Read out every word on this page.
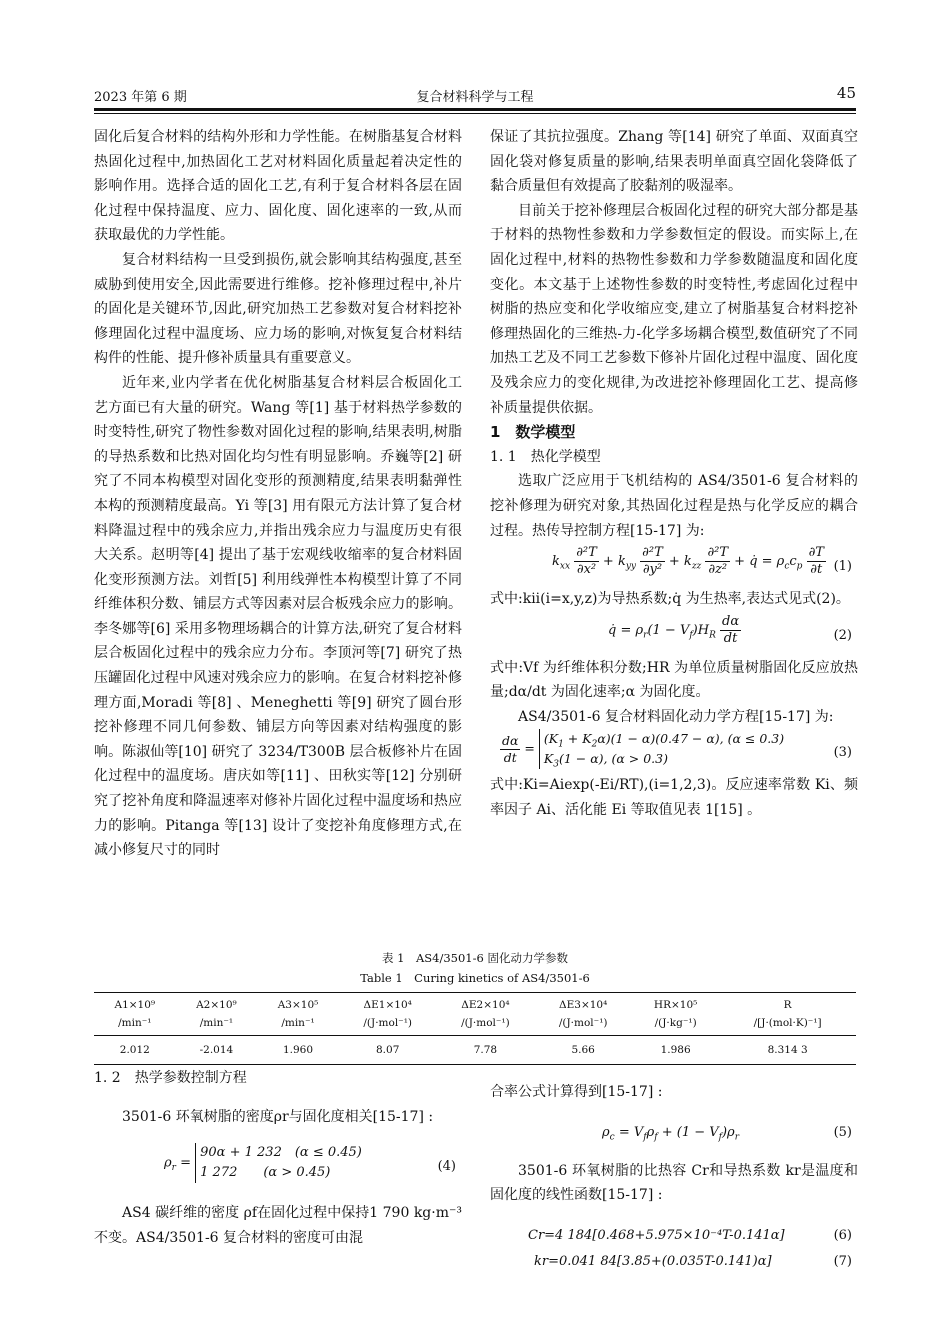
2023 年第 6 期	复合材料科学与工程	45

固化后复合材料的结构外形和力学性能。在树脂基复合材料热固化过程中,加热固化工艺对材料固化质量起着决定性的影响作用。选择合适的固化工艺,有利于复合材料各层在固化过程中保持温度、应力、固化度、固化速率的一致,从而获取最优的力学性能。

复合材料结构一旦受到损伤,就会影响其结构强度,甚至威胁到使用安全,因此需要进行维修。挖补修理过程中,补片的固化是关键环节,因此,研究加热工艺参数对复合材料挖补修理固化过程中温度场、应力场的影响,对恢复复合材料结构件的性能、提升修补质量具有重要意义。

近年来,业内学者在优化树脂基复合材料层合板固化工艺方面已有大量的研究。Wang 等[1] 基于材料热学参数的时变特性,研究了物性参数对固化过程的影响,结果表明,树脂的导热系数和比热对固化均匀性有明显影响。乔巍等[2] 研究了不同本构模型对固化变形的预测精度,结果表明黏弹性本构的预测精度最高。Yi 等[3] 用有限元方法计算了复合材料降温过程中的残余应力,并指出残余应力与温度历史有很大关系。赵明等[4] 提出了基于宏观线收缩率的复合材料固化变形预测方法。刘哲[5] 利用线弹性本构模型计算了不同纤维体积分数、铺层方式等因素对层合板残余应力的影响。李冬娜等[6] 采用多物理场耦合的计算方法,研究了复合材料层合板固化过程中的残余应力分布。李顶河等[7] 研究了热压罐固化过程中风速对残余应力的影响。在复合材料挖补修理方面,Moradi 等[8] 、Meneghetti 等[9] 研究了圆台形挖补修理不同几何参数、铺层方向等因素对结构强度的影响。陈淑仙等[10] 研究了 3234/T300B 层合板修补片在固化过程中的温度场。唐庆如等[11] 、田秋实等[12] 分别研究了挖补角度和降温速率对修补片固化过程中温度场和热应力的影响。Pitanga 等[13] 设计了变挖补角度修理方式,在减小修复尺寸的同时

保证了其抗拉强度。Zhang 等[14] 研究了单面、双面真空固化袋对修复质量的影响,结果表明单面真空固化袋降低了黏合质量但有效提高了胶黏剂的吸湿率。

目前关于挖补修理层合板固化过程的研究大部分都是基于材料的热物性参数和力学参数恒定的假设。而实际上,在固化过程中,材料的热物性参数和力学参数随温度和固化度变化。本文基于上述物性参数的时变特性,考虑固化过程中树脂的热应变和化学收缩应变,建立了树脂基复合材料挖补修理热固化的三维热-力-化学多场耦合模型,数值研究了不同加热工艺及不同工艺参数下修补片固化过程中温度、固化度及残余应力的变化规律,为改进挖补修理固化工艺、提高修补质量提供依据。

1　数学模型

1. 1　热化学模型

选取广泛应用于飞机结构的 AS4/3501-6 复合材料的挖补修理为研究对象,其热固化过程是热与化学反应的耦合过程。热传导控制方程[15-17] 为:

$k_{xx} \frac{\text{∂²T}}{\text{∂x²}} + k_{yy} \frac{\text{∂²T}}{\text{∂y²}} + k_{zz} \frac{\text{∂²T}}{\text{∂z²}}$ + q̇ = $\rho_cc_p \frac{\partial T}{\partial t} (1)$

式中:kii(i=x,y,z)为导热系数;q̇ 为生热率,表达式见式(2)。

q̇ = $\rho_r(1 - V_f)H_R \frac{d\alpha}{dt}$	(2)

式中:Vf 为纤维体积分数;HR 为单位质量树脂固化反应放热量;dα/dt 为固化速率;α 为固化度。

AS4/3501-6 复合材料固化动力学方程[15-17] 为:

$\frac{d\alpha}{dt} = (K_1 + K_2\alpha)(1 - \alpha)(0.47 - \alpha)$, (α ≤ 0.3)
$K_3(1 - \alpha)$, (α > 0.3)	(3)

式中:Ki=Aiexp(-Ei/RT),(i=1,2,3)。反应速率常数 Ki、频率因子 Ai、活化能 Ei 等取值见表 1[15] 。

表 1　AS4/3501-6 固化动力学参数
Table 1　Curing kinetics of AS4/3501-6
A1×10⁹	A2×10⁹	A3×10⁵	ΔE1×10⁴	ΔE2×10⁴	ΔE3×10⁴	HR×10⁵	R
/min⁻¹	/min⁻¹	/min⁻¹	/(J·mol⁻¹)	/(J·mol⁻¹)	/(J·mol⁻¹)	/(J·kg⁻¹)	/[J·(mol·K)⁻¹]
2.012	-2.014	1.960	8.07	7.78	5.66	1.986	8.314 3

1. 2　热学参数控制方程

3501-6 环氧树脂的密度ρr与固化度相关[15-17] :

$\rho_r = 90\alpha + 1$ 232　(α ≤ 0.45)
1 272　　(α > 0.45)	(4)

AS4 碳纤维的密度 ρf在固化过程中保持1 790 kg·m⁻³不变。AS4/3501-6 复合材料的密度可由混

合率公式计算得到[15-17] :

$\rho_c = V_f\rho_f + (1 - V_f)\rho_r$	(5)

3501-6 环氧树脂的比热容 Cr和导热系数 kr是温度和固化度的线性函数[15-17] :

Cr=4 184[0.468+5.975×10⁻⁴T-0.141α]	(6)
kr=0.041 84[3.85+(0.035T-0.141)α]	(7)
